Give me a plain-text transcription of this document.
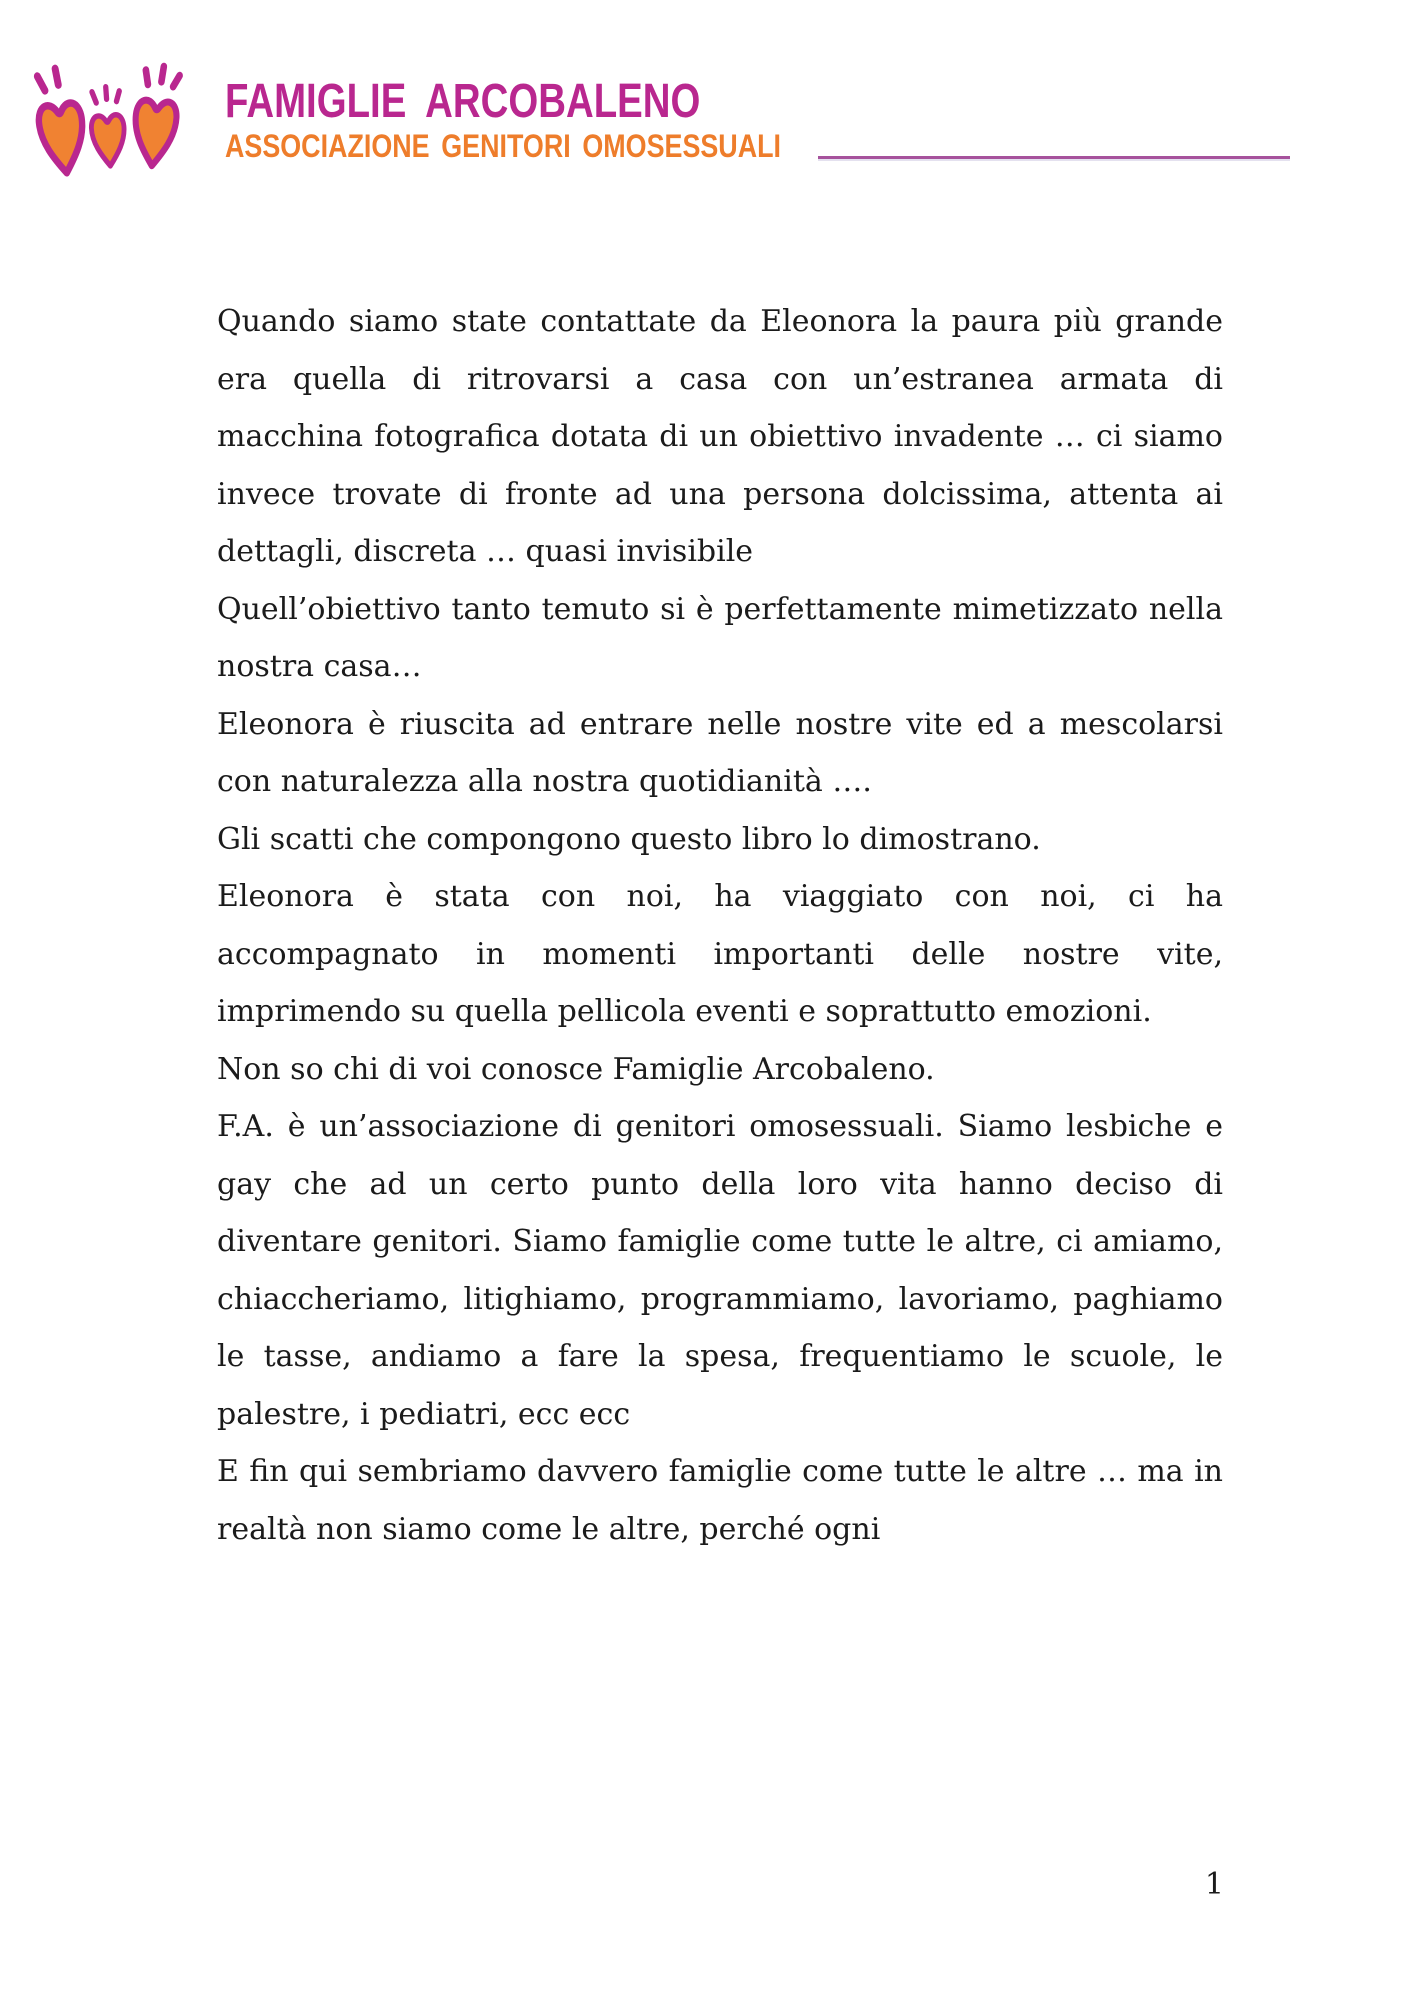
FAMIGLIE ARCOBALENO
ASSOCIAZIONE GENITORI OMOSESSUALI

Quando siamo state contattate da Eleonora la paura più grande era quella di ritrovarsi a casa con un’estranea armata di macchina fotografica dotata di un obiettivo invadente … ci siamo invece trovate di fronte ad una persona dolcissima, attenta ai dettagli, discreta … quasi invisibile

Quell’obiettivo tanto temuto si è perfettamente mimetizzato nella nostra casa…

Eleonora è riuscita ad entrare nelle nostre vite ed a mescolarsi con naturalezza alla nostra quotidianità ….

Gli scatti che compongono questo libro lo dimostrano.

Eleonora è stata con noi, ha viaggiato con noi, ci ha accompagnato in momenti importanti delle nostre vite, imprimendo su quella pellicola eventi e soprattutto emozioni.

Non so chi di voi conosce Famiglie Arcobaleno.

F.A. è un’associazione di genitori omosessuali. Siamo lesbiche e gay che ad un certo punto della loro vita hanno deciso di diventare genitori. Siamo famiglie come tutte le altre, ci amiamo, chiaccheriamo, litighiamo, programmiamo, lavoriamo, paghiamo le tasse, andiamo a fare la spesa, frequentiamo le scuole, le palestre, i pediatri, ecc ecc

E fin qui sembriamo davvero famiglie come tutte le altre … ma in realtà non siamo come le altre, perché ogni

1
